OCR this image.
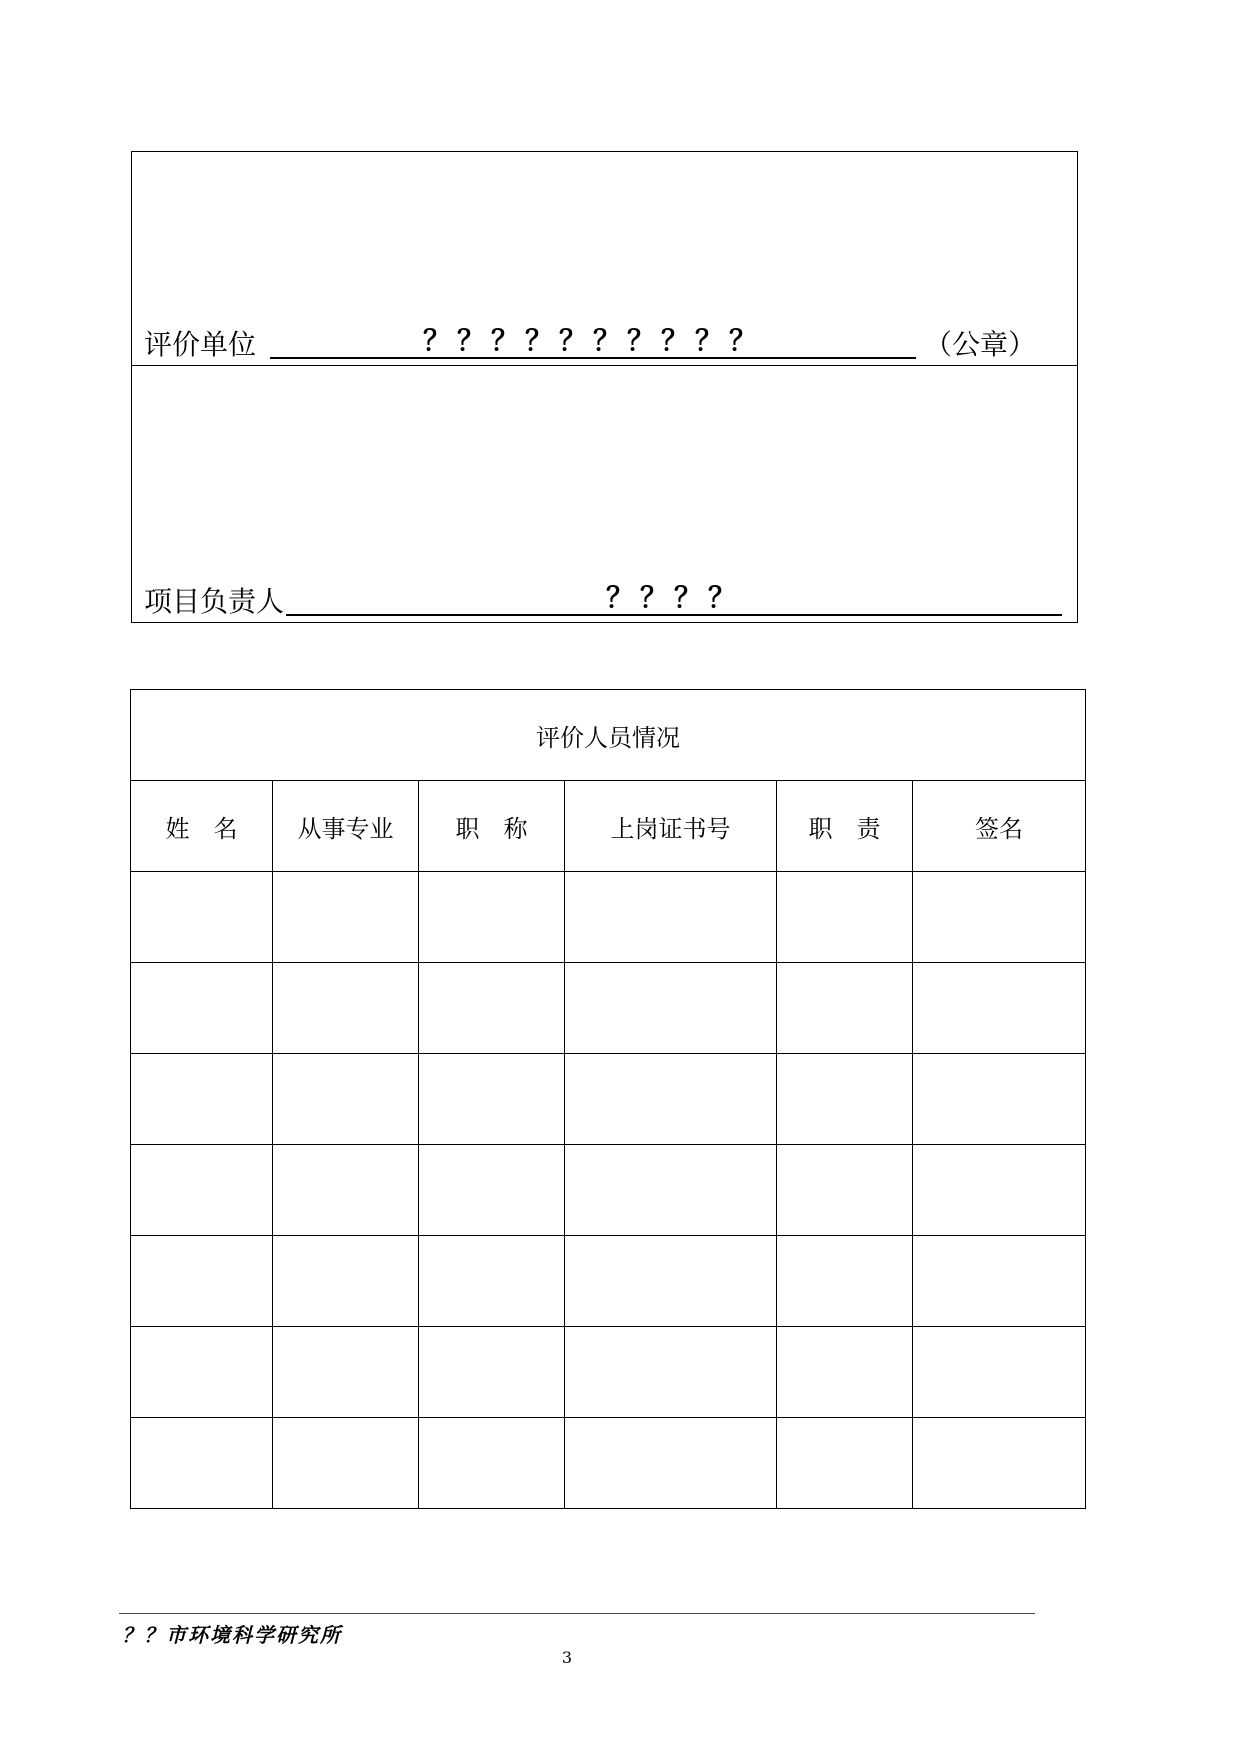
评价单位	？？？？？？？？？？	（公章）
项目负责人	？？？？
评价人员情况					
姓　名	从事专业	职　称	上岗证书号	职　责	签名

？？市环境科学研究所
3
